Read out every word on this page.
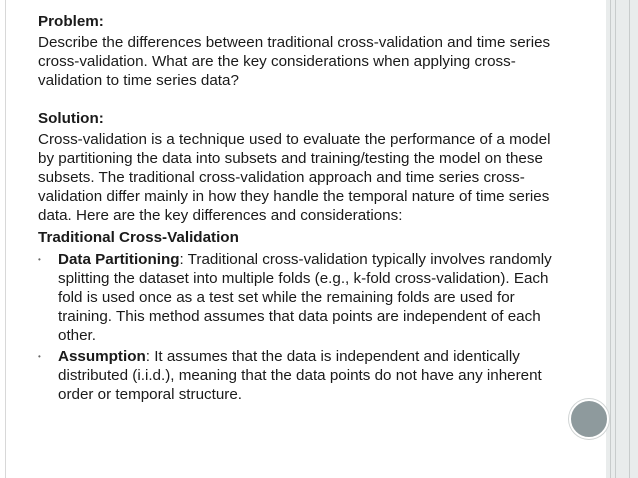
Problem:

Describe the differences between traditional cross-validation and time series cross-validation. What are the key considerations when applying cross-validation to time series data?

Solution:

Cross-validation is a technique used to evaluate the performance of a model by partitioning the data into subsets and training/testing the model on these subsets. The traditional cross-validation approach and time series cross-validation differ mainly in how they handle the temporal nature of time series data. Here are the key differences and considerations:

Traditional Cross-Validation

• Data Partitioning: Traditional cross-validation typically involves randomly splitting the dataset into multiple folds (e.g., k-fold cross-validation). Each fold is used once as a test set while the remaining folds are used for training. This method assumes that data points are independent of each other.
• Assumption: It assumes that the data is independent and identically distributed (i.i.d.), meaning that the data points do not have any inherent order or temporal structure.
